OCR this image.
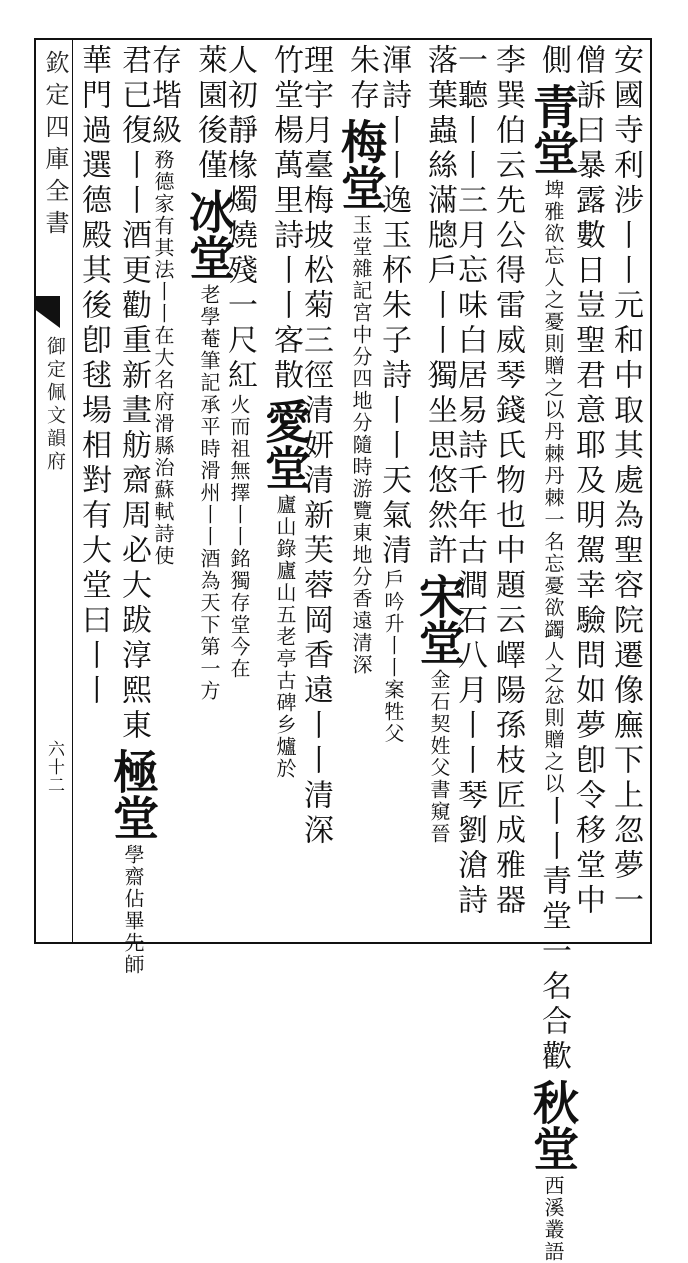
欽定四庫全書
御定佩文韻府
六十二	安國寺利涉丨丨元和中取其處為聖容院遷像廡下上忽夢一
僧訴曰暴露數日豈聖君意耶及明駕幸驗問如夢卽令移堂中
側青堂埤雅欲忘人之憂則贈之以丹棘丹棘一名忘憂欲蠲人之忿則贈之以丨丨青堂一名合歡秋堂西溪叢語
李巽伯云先公得雷威琴錢氏物也中題云嶧陽孫枝匠成雅器
一聽丨丨三月忘味白居易詩千年古澗石八月丨丨琴劉滄詩
落葉蟲絲滿牕戶丨丨獨坐思悠然許宋堂金石契姓父書窺晉
渾詩丨丨逸玉杯朱子詩丨丨天氣清戶吟升丨丨案牲父
朱存梅堂玉堂雜記宮中分四地分隨時游覽東地分香遠清深
理宇月臺梅坡松菊三徑清妍清新芙蓉岡香遠丨丨清深
竹堂楊萬里詩丨丨客散愛堂廬山錄廬山五老亭古碑乡爐於
人初靜椽燭燒殘一尺紅火而祖無擇丨丨銘獨存堂今在
萊園後僅冰堂老學菴筆記承平時滑州丨丨酒為天下第一方
存堦級務德家有其法丨丨在大名府滑縣治蘇軾詩使
君已復丨丨酒更勸重新晝舫齋周必大跋淳熙東極堂學齋佔畢先師
華門過選德殿其後卽毬場相對有大堂曰丨丨
